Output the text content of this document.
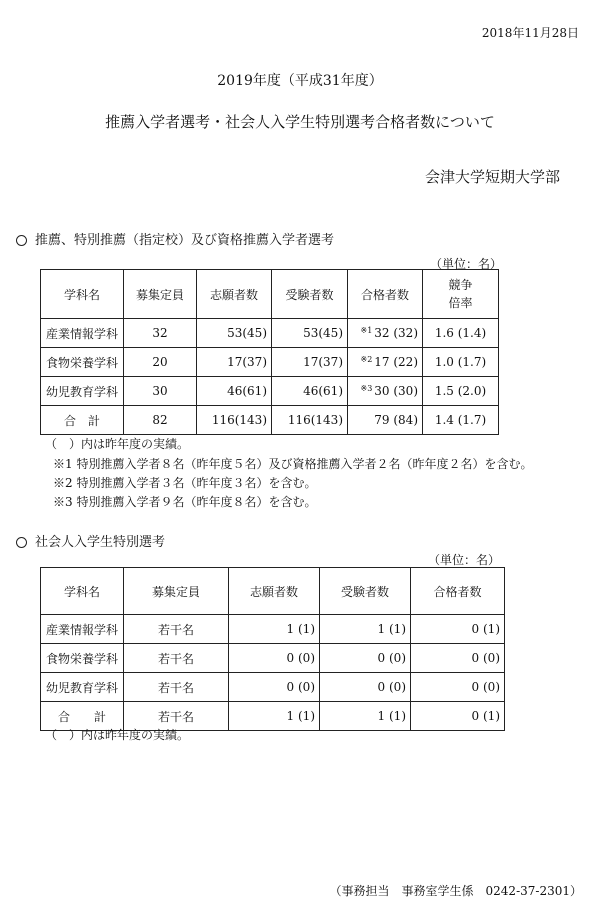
2018年11月28日
2019年度（平成31年度）
推薦入学者選考・社会人入学生特別選考合格者数について
会津大学短期大学部
推薦、特別推薦（指定校）及び資格推薦入学者選考
（単位：名）
学科名	募集定員	志願者数	受験者数	合格者数	競争倍率
産業情報学科	32	53(45)	53(45)	$^{※1}$ 32 (32)	1.6 (1.4)
食物栄養学科	20	17(37)	17(37)	$^{※2}$ 17 (22)	1.0 (1.7)
幼児教育学科	30	46(61)	46(61)	$^{※3}$ 30 (30)	1.5 (2.0)
合　計	82	116(143)	116(143)	79 (84)	1.4 (1.7)
（　）内は昨年度の実績。
※1 特別推薦入学者８名（昨年度５名）及び資格推薦入学者２名（昨年度２名）を含む。
※2 特別推薦入学者３名（昨年度３名）を含む。
※3 特別推薦入学者９名（昨年度８名）を含む。
社会人入学生特別選考
（単位：名）
学科名	募集定員	志願者数	受験者数	合格者数
産業情報学科	若干名	1 (1)	1 (1)	0 (1)
食物栄養学科	若干名	0 (0)	0 (0)	0 (0)
幼児教育学科	若干名	0 (0)	0 (0)	0 (0)
合　　計	若干名	1 (1)	1 (1)	0 (1)
（　）内は昨年度の実績。
（事務担当　事務室学生係　0242-37-2301）
